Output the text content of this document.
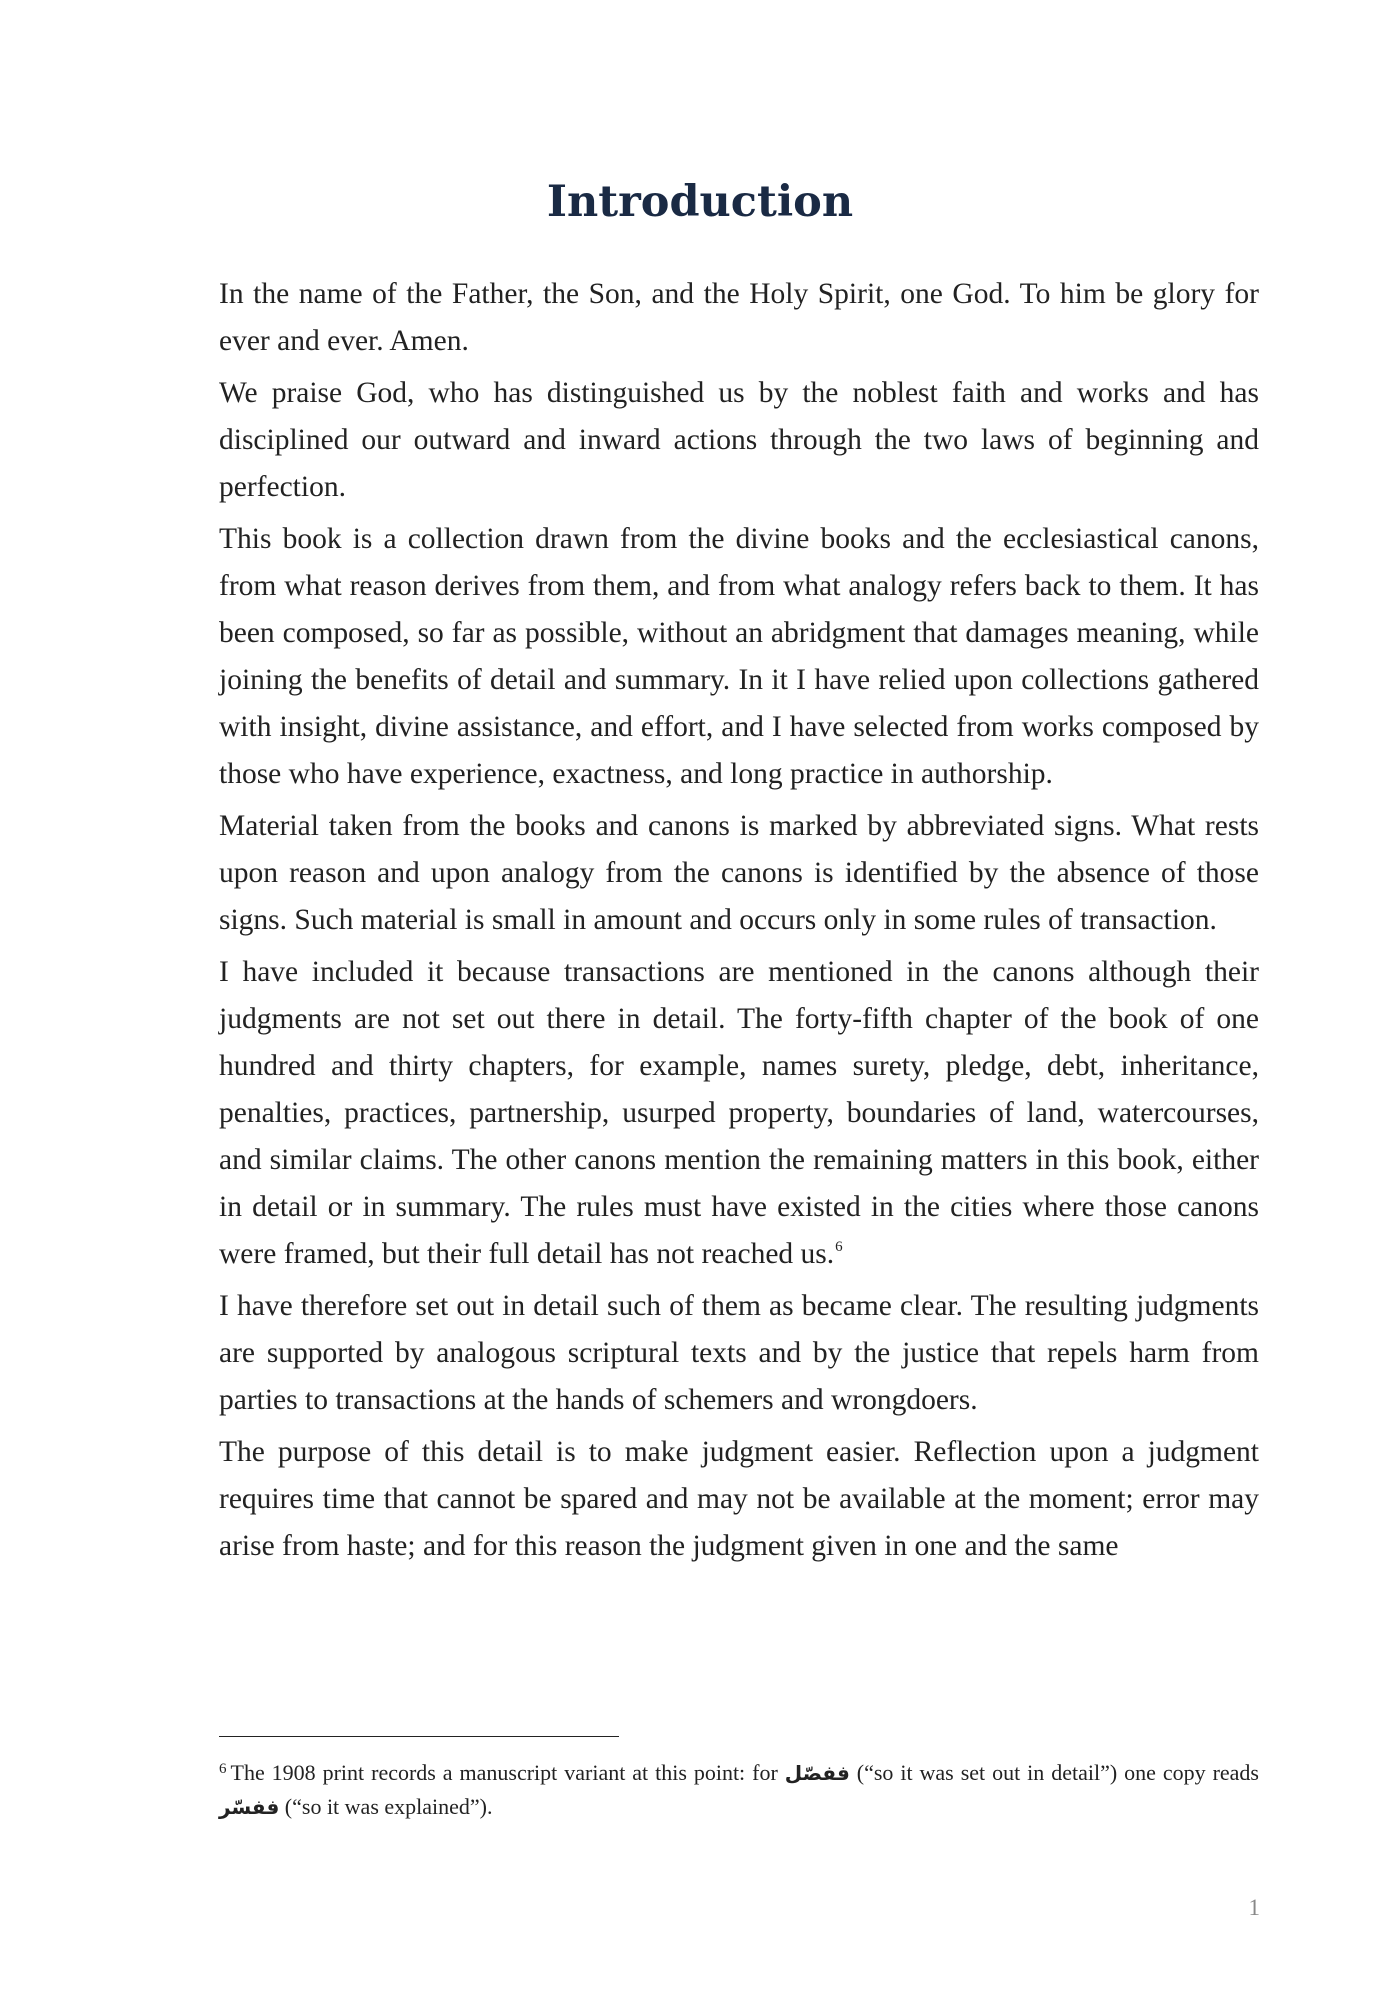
Introduction

In the name of the Father, the Son, and the Holy Spirit, one God. To him be glory for ever and ever. Amen.

We praise God, who has distinguished us by the noblest faith and works and has disciplined our outward and inward actions through the two laws of beginning and perfection.

This book is a collection drawn from the divine books and the ecclesiastical canons, from what reason derives from them, and from what analogy refers back to them. It has been composed, so far as possible, without an abridgment that damages meaning, while joining the benefits of detail and summary. In it I have relied upon collections gathered with insight, divine assistance, and effort, and I have selected from works composed by those who have experience, exactness, and long practice in authorship.

Material taken from the books and canons is marked by abbreviated signs. What rests upon reason and upon analogy from the canons is identified by the absence of those signs. Such material is small in amount and occurs only in some rules of transaction.

I have included it because transactions are mentioned in the canons although their judgments are not set out there in detail. The forty-fifth chapter of the book of one hundred and thirty chapters, for example, names surety, pledge, debt, inheritance, penalties, practices, partnership, usurped property, boundaries of land, watercourses, and similar claims. The other canons mention the remaining matters in this book, either in detail or in summary. The rules must have existed in the cities where those canons were framed, but their full detail has not reached us.$^6$

I have therefore set out in detail such of them as became clear. The resulting judgments are supported by analogous scriptural texts and by the justice that repels harm from parties to transactions at the hands of schemers and wrongdoers.

The purpose of this detail is to make judgment easier. Reflection upon a judgment requires time that cannot be spared and may not be available at the moment; error may arise from haste; and for this reason the judgment given in one and the same

$^6$ The 1908 print records a manuscript variant at this point: for ففصّل (“so it was set out in detail”) one copy reads ففسّر (“so it was explained”).

1
